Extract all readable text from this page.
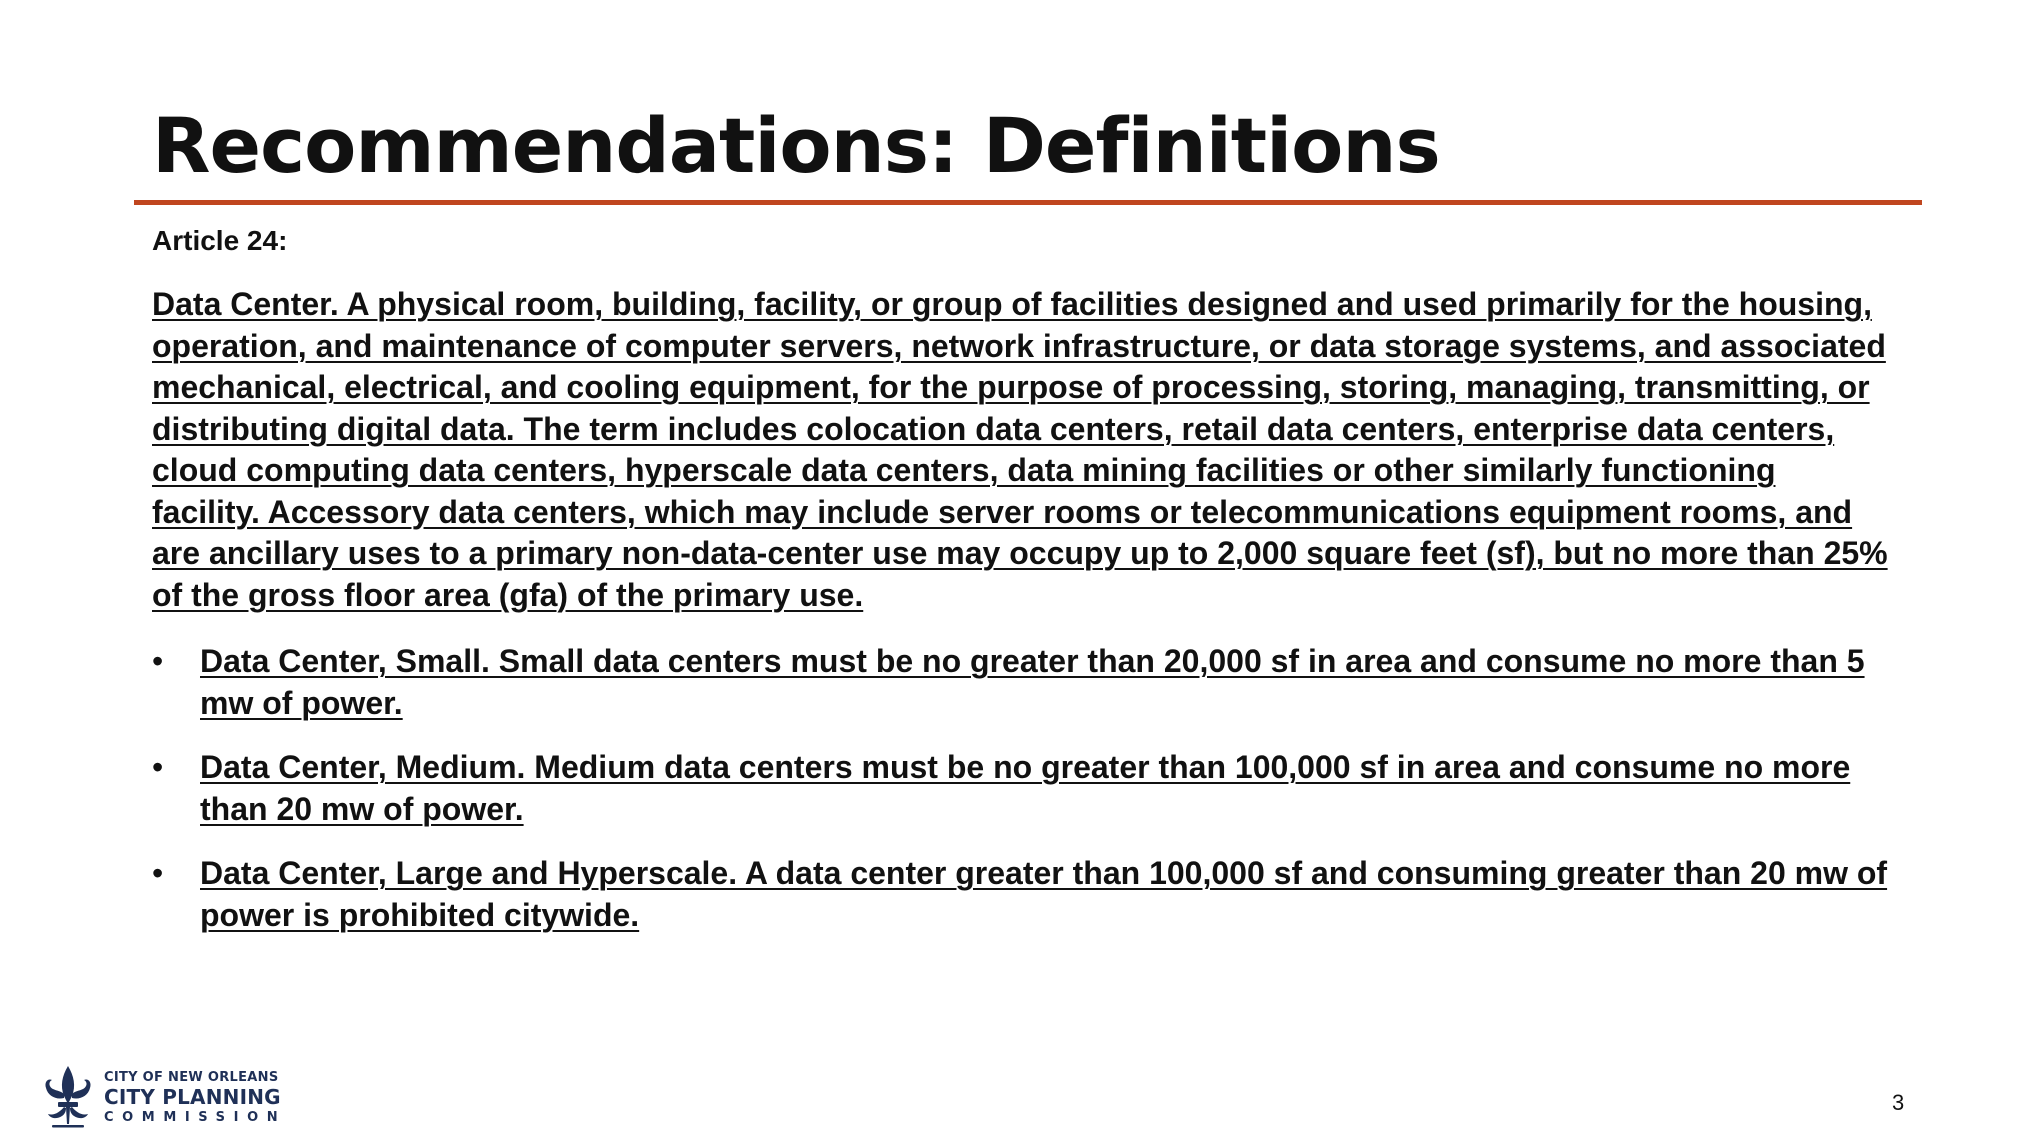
Recommendations: Definitions

Article 24:

Data Center. A physical room, building, facility, or group of facilities designed and used primarily for the housing, operation, and maintenance of computer servers, network infrastructure, or data storage systems, and associated mechanical, electrical, and cooling equipment, for the purpose of processing, storing, managing, transmitting, or distributing digital data. The term includes colocation data centers, retail data centers, enterprise data centers, cloud computing data centers, hyperscale data centers, data mining facilities or other similarly functioning facility. Accessory data centers, which may include server rooms or telecommunications equipment rooms, and are ancillary uses to a primary non-data-center use may occupy up to 2,000 square feet (sf), but no more than 25% of the gross floor area (gfa) of the primary use.

• Data Center, Small. Small data centers must be no greater than 20,000 sf in area and consume no more than 5 mw of power.
• Data Center, Medium. Medium data centers must be no greater than 100,000 sf in area and consume no more than 20 mw of power.
• Data Center, Large and Hyperscale. A data center greater than 100,000 sf and consuming greater than 20 mw of power is prohibited citywide.
CITY OF NEW ORLEANS
CITY PLANNING
COMMISSION
3
